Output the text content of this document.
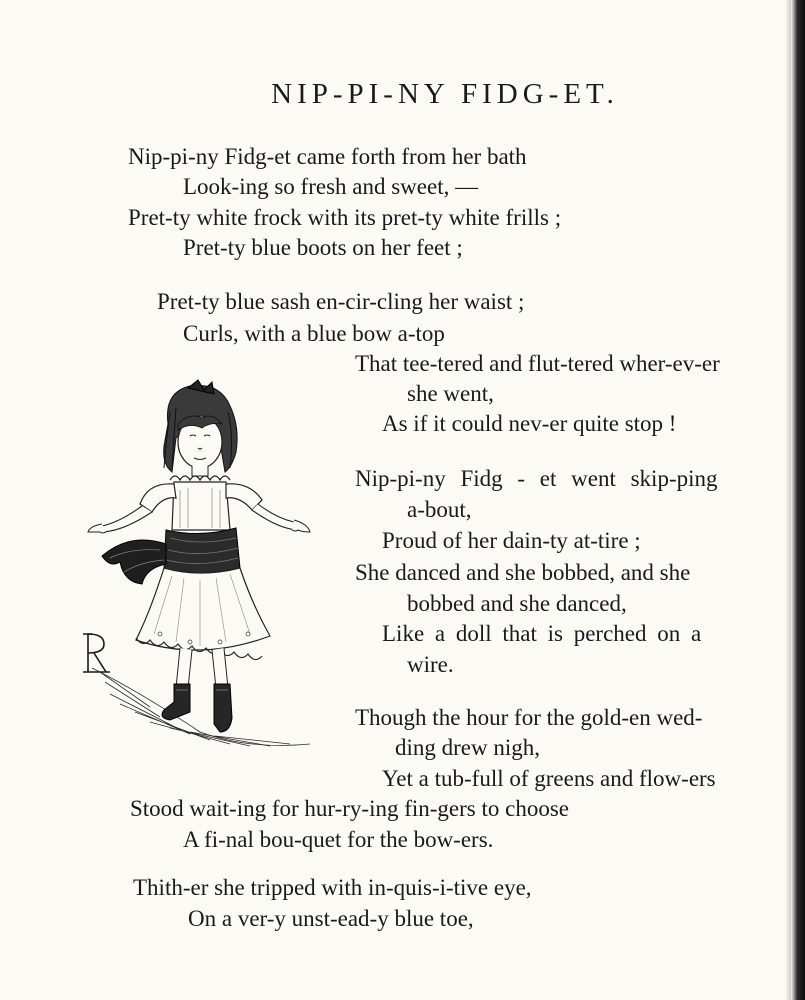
NIP-PI-NY FIDG-ET.
Nip-pi-ny Fidg-et came forth from her bath
Look-ing so fresh and sweet, —
Pret-ty white frock with its pret-ty white frills ;
Pret-ty blue boots on her feet ;
Pret-ty blue sash en-cir-cling her waist ;
Curls, with a blue bow a-top
That tee-tered and flut-tered wher-ev-er
she went,
As if it could nev-er quite stop !
Nip-pi-ny Fidg - et went skip-ping
a-bout,
Proud of her dain-ty at-tire ;
She danced and she bobbed, and she
bobbed and she danced,
Like a doll that is perched on a
wire.
Though the hour for the gold-en wed-
ding drew nigh,
Yet a tub-full of greens and flow-ers
Stood wait-ing for hur-ry-ing fin-gers to choose
A fi-nal bou-quet for the bow-ers.
Thith-er she tripped with in-quis-i-tive eye,
On a ver-y unst-ead-y blue toe,
